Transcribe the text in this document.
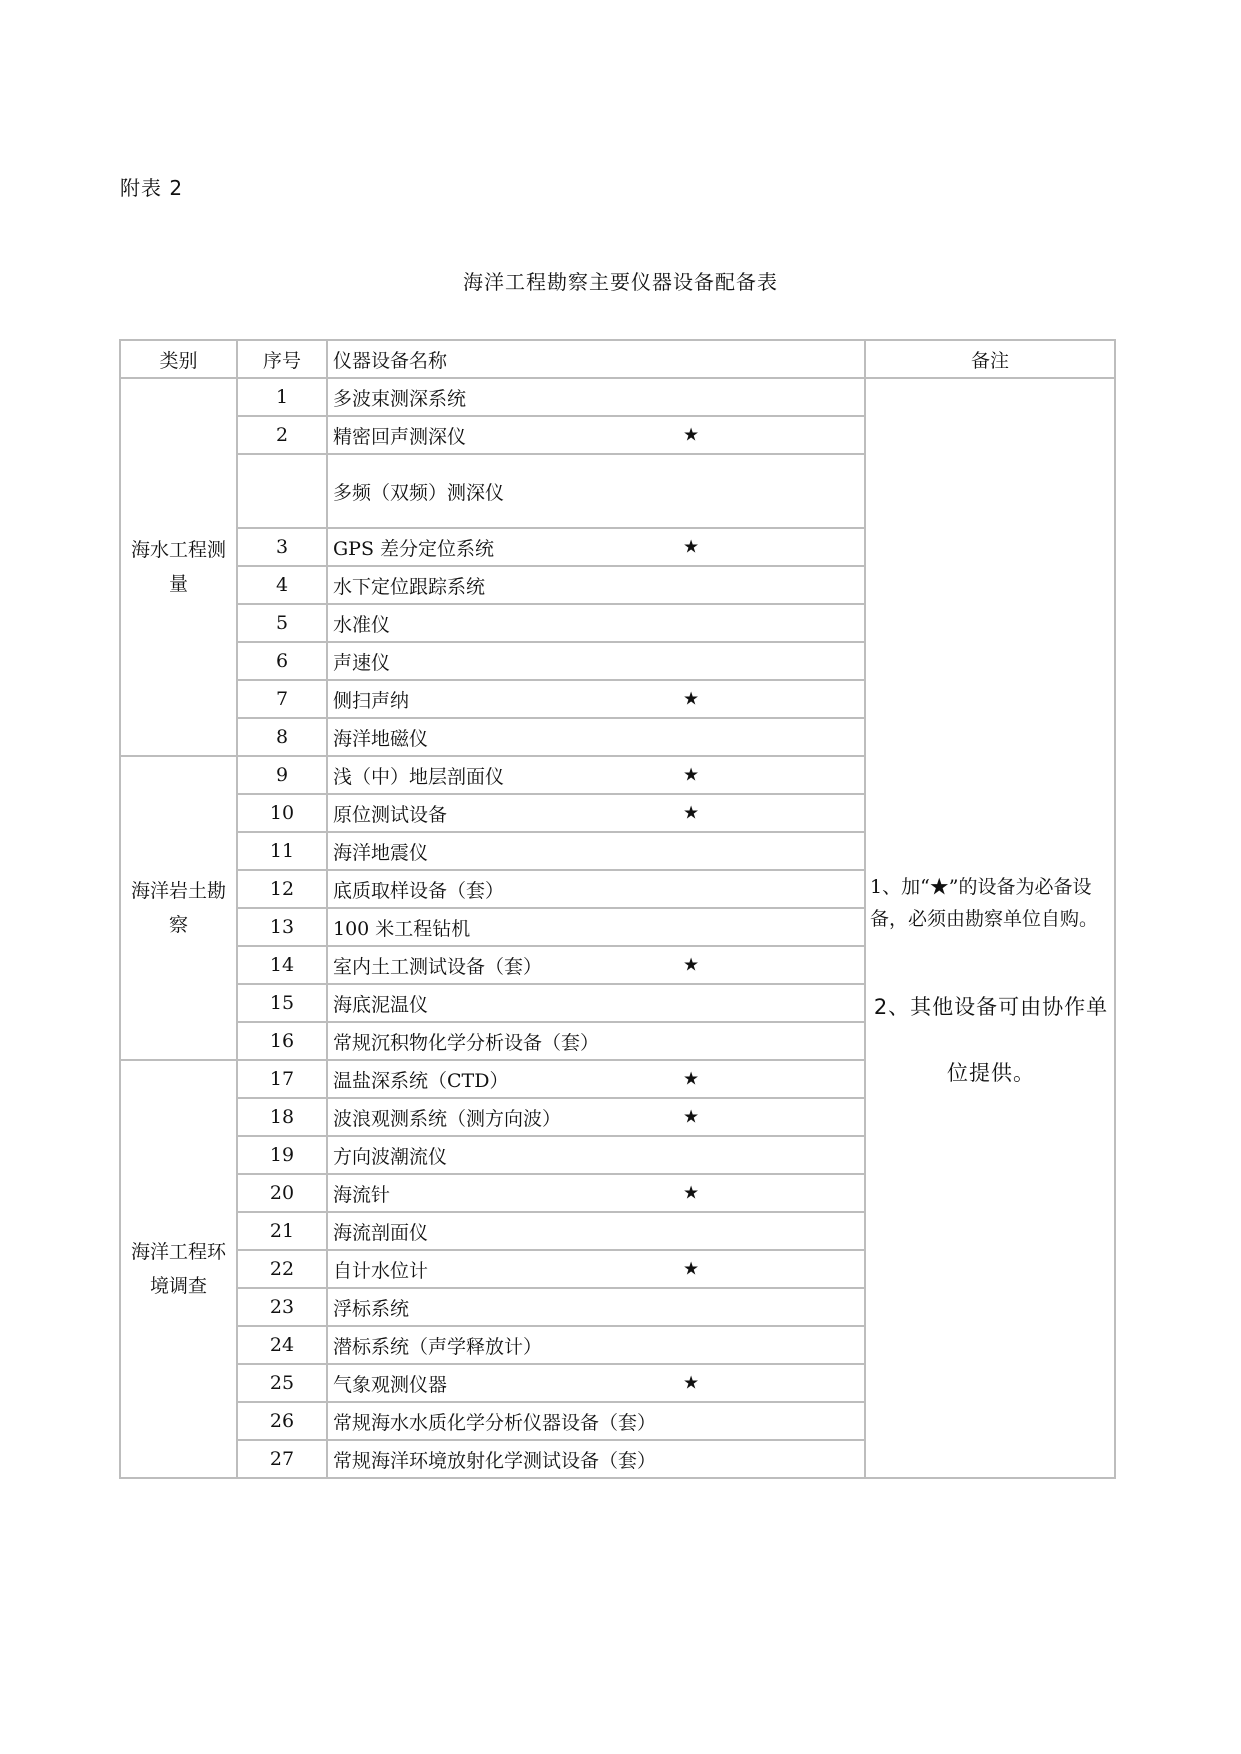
附表 2
海洋工程勘察主要仪器设备配备表
类别	序号	仪器设备名称	备注
海水工程测量	1	多波束测深系统	1、加“★”的设备为必备设备，必须由勘察单位自购。
2、其他设备可由协作单位提供。

	2	精密回声测深仪 ★	

		多频（双频）测深仪	

	3	GPS 差分定位系统 ★	

	4	水下定位跟踪系统	

	5	水准仪	

	6	声速仪	

	7	侧扫声纳 ★	

	8	海洋地磁仪	

海洋岩土勘察	9	浅（中）地层剖面仪 ★	

	10	原位测试设备 ★	

	11	海洋地震仪	

	12	底质取样设备（套）	

	13	100 米工程钻机	

	14	室内土工测试设备（套） ★	

	15	海底泥温仪	

	16	常规沉积物化学分析设备（套）	

海洋工程环境调查	17	温盐深系统（CTD） ★	

	18	波浪观测系统（测方向波） ★	

	19	方向波潮流仪	

	20	海流针 ★	

	21	海流剖面仪	

	22	自计水位计 ★	

	23	浮标系统	

	24	潜标系统（声学释放计）	

	25	气象观测仪器 ★	

	26	常规海水水质化学分析仪器设备（套）	

	27	常规海洋环境放射化学测试设备（套）	
